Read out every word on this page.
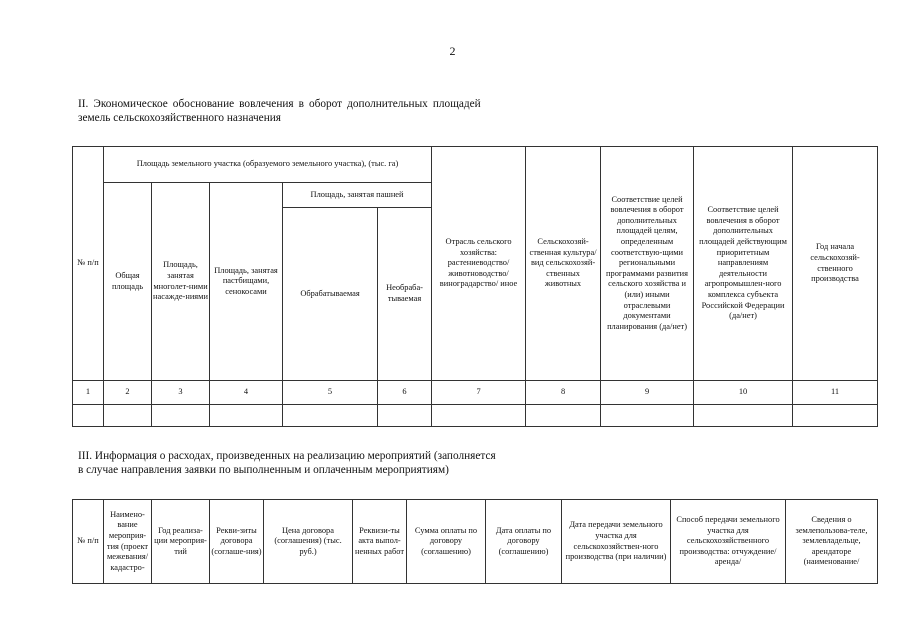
2
II. Экономическое обоснование вовлечения в оборот дополнительных площадей
земель сельскохозяйственного назначения
№ п/п	Площадь земельного участка (образуемого земельного участка), (тыс. га)					Отрасль сельского хозяйства: растениеводство/ животноводство/ виноградарство/ иное	Сельскохозяй-ственная культура/вид сельскохозяй-ственных животных	Соответствие целей вовлечения в оборот дополнительных площадей целям, определенным соответствую-щими региональными программами развития сельского хозяйства и (или) иными отраслевыми документами планирования (да/нет)	Соответствие целей вовлечения в оборот дополнительных площадей действующим приоритетным направлениям деятельности агропромышлен-ного комплекса субъекта Российской Федерации (да/нет)	Год начала сельскохозяй-ственного производства
	Общая площадь	Площадь, занятая многолет-ними насажде-ниями	Площадь, занятая пастбищами, сенокосами	Площадь, занятая пашней						
				Обрабатываемая	Необраба-тываемая					
1	2	3	4	5	6	7	8	9	10	11

III. Информация о расходах, произведенных на реализацию мероприятий (заполняется
в случае направления заявки по выполненным и оплаченным мероприятиям)
№ п/п	Наимено-вание мероприя-тия (проект межевания/ кадастро-	Год реализа-ции мероприя-тий	Рекви-зиты договора (соглаше-ния)	Цена договора (соглашения) (тыс. руб.)	Реквизи-ты акта выпол-ненных работ	Сумма оплаты по договору (соглашению)	Дата оплаты по договору (соглашению)	Дата передачи земельного участка для сельскохозяйствен-ного производства (при наличии)	Способ передачи земельного участка для сельскохозяйственного производства: отчуждение/аренда/	Сведения о землепользова-теле, землевладельце, арендаторе (наименование/
